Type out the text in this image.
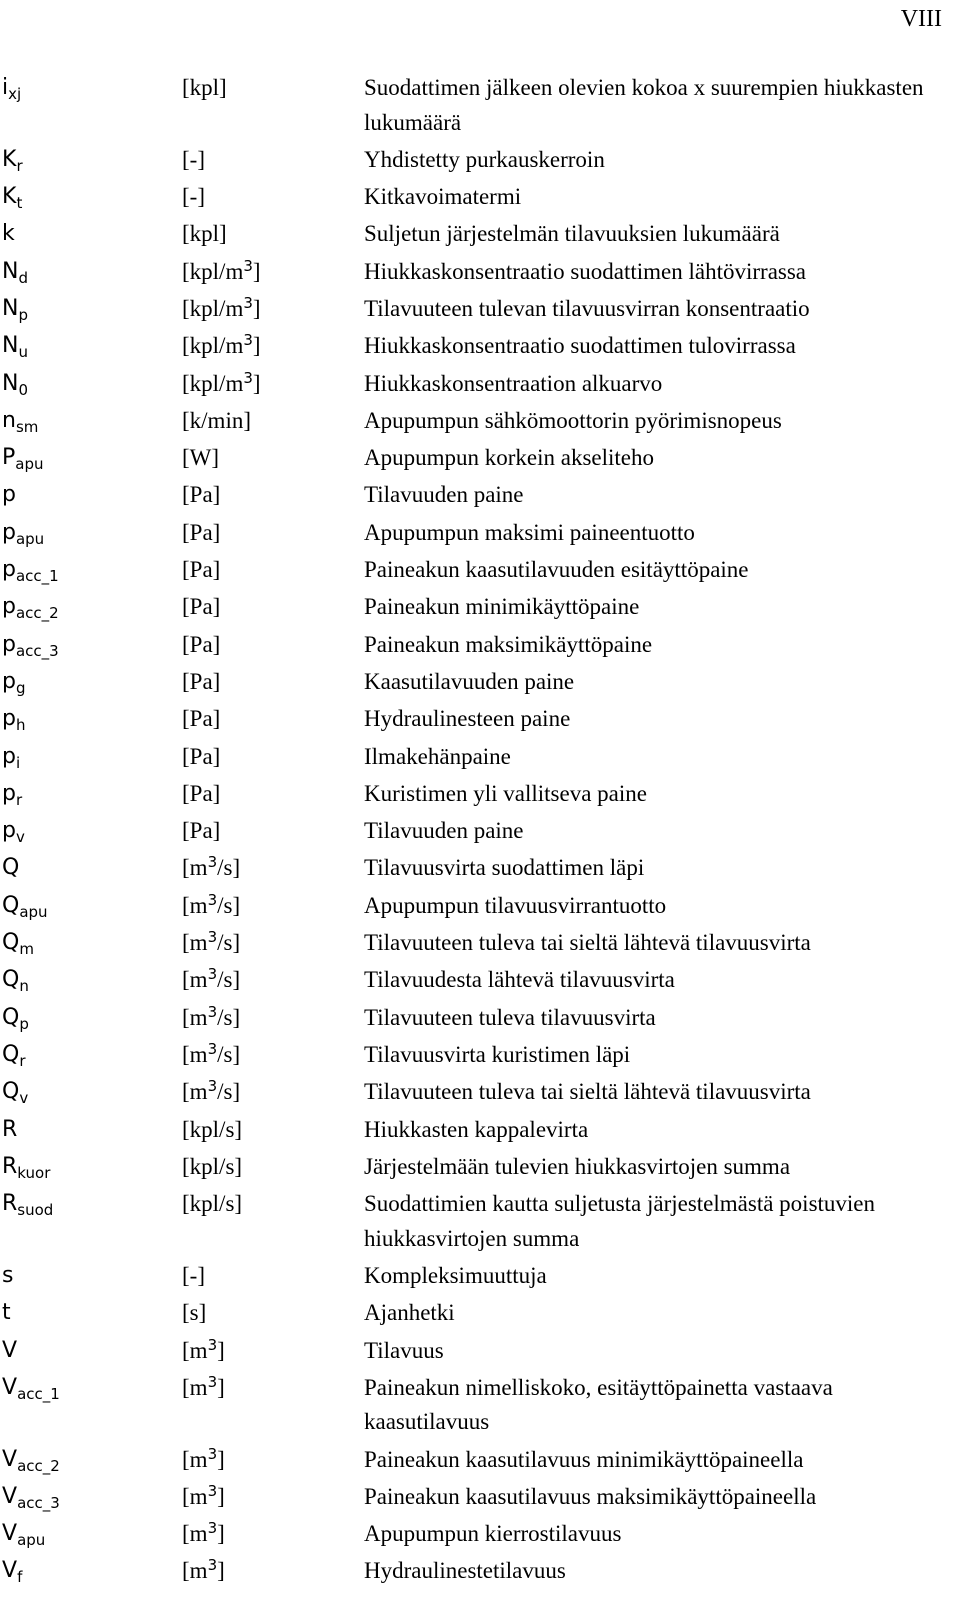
VIII
$i_{xj}$	[kpl]	Suodattimen jälkeen olevien kokoa x suurempien hiukkasten lukumäärä
$K_r$	[-]	Yhdistetty purkauskerroin
$K_t$	[-]	Kitkavoimatermi
k	[kpl]	Suljetun järjestelmän tilavuuksien lukumäärä
$N_d$	$[kpl/m^3]$	Hiukkaskonsentraatio suodattimen lähtövirrassa
$N_p$	$[kpl/m^3]$	Tilavuuteen tulevan tilavuusvirran konsentraatio
$N_u$	$[kpl/m^3]$	Hiukkaskonsentraatio suodattimen tulovirrassa
$N_0$	$[kpl/m^3]$	Hiukkaskonsentraation alkuarvo
$n_{sm}$	[k/min]	Apupumpun sähkömoottorin pyörimisnopeus
$P_{apu}$	[W]	Apupumpun korkein akseliteho
p	[Pa]	Tilavuuden paine
$p_{apu}$	[Pa]	Apupumpun maksimi paineentuotto
$p_{acc\_1}$	[Pa]	Paineakun kaasutilavuuden esitäyttöpaine
$p_{acc\_2}$	[Pa]	Paineakun minimikäyttöpaine
$p_{acc\_3}$	[Pa]	Paineakun maksimikäyttöpaine
$p_g$	[Pa]	Kaasutilavuuden paine
$p_h$	[Pa]	Hydraulinesteen paine
$p_i$	[Pa]	Ilmakehänpaine
$p_r$	[Pa]	Kuristimen yli vallitseva paine
$p_v$	[Pa]	Tilavuuden paine
Q	$[m^3/s]$	Tilavuusvirta suodattimen läpi
$Q_{apu}$	$[m^3/s]$	Apupumpun tilavuusvirrantuotto
$Q_m$	$[m^3/s]$	Tilavuuteen tuleva tai sieltä lähtevä tilavuusvirta
$Q_n$	$[m^3/s]$	Tilavuudesta lähtevä tilavuusvirta
$Q_p$	$[m^3/s]$	Tilavuuteen tuleva tilavuusvirta
$Q_r$	$[m^3/s]$	Tilavuusvirta kuristimen läpi
$Q_v$	$[m^3/s]$	Tilavuuteen tuleva tai sieltä lähtevä tilavuusvirta
R	[kpl/s]	Hiukkasten kappalevirta
$R_{kuor}$	[kpl/s]	Järjestelmään tulevien hiukkasvirtojen summa
$R_{suod}$	[kpl/s]	Suodattimien kautta suljetusta järjestelmästä poistuvien hiukkasvirtojen summa
s	[-]	Kompleksimuuttuja
t	[s]	Ajanhetki
V	$[m^3]$	Tilavuus
$V_{acc\_1}$	$[m^3]$	Paineakun nimelliskoko, esitäyttöpainetta vastaava kaasutilavuus
$V_{acc\_2}$	$[m^3]$	Paineakun kaasutilavuus minimikäyttöpaineella
$V_{acc\_3}$	$[m^3]$	Paineakun kaasutilavuus maksimikäyttöpaineella
$V_{apu}$	$[m^3]$	Apupumpun kierrostilavuus
$V_f$	$[m^3]$	Hydraulinestetilavuus
